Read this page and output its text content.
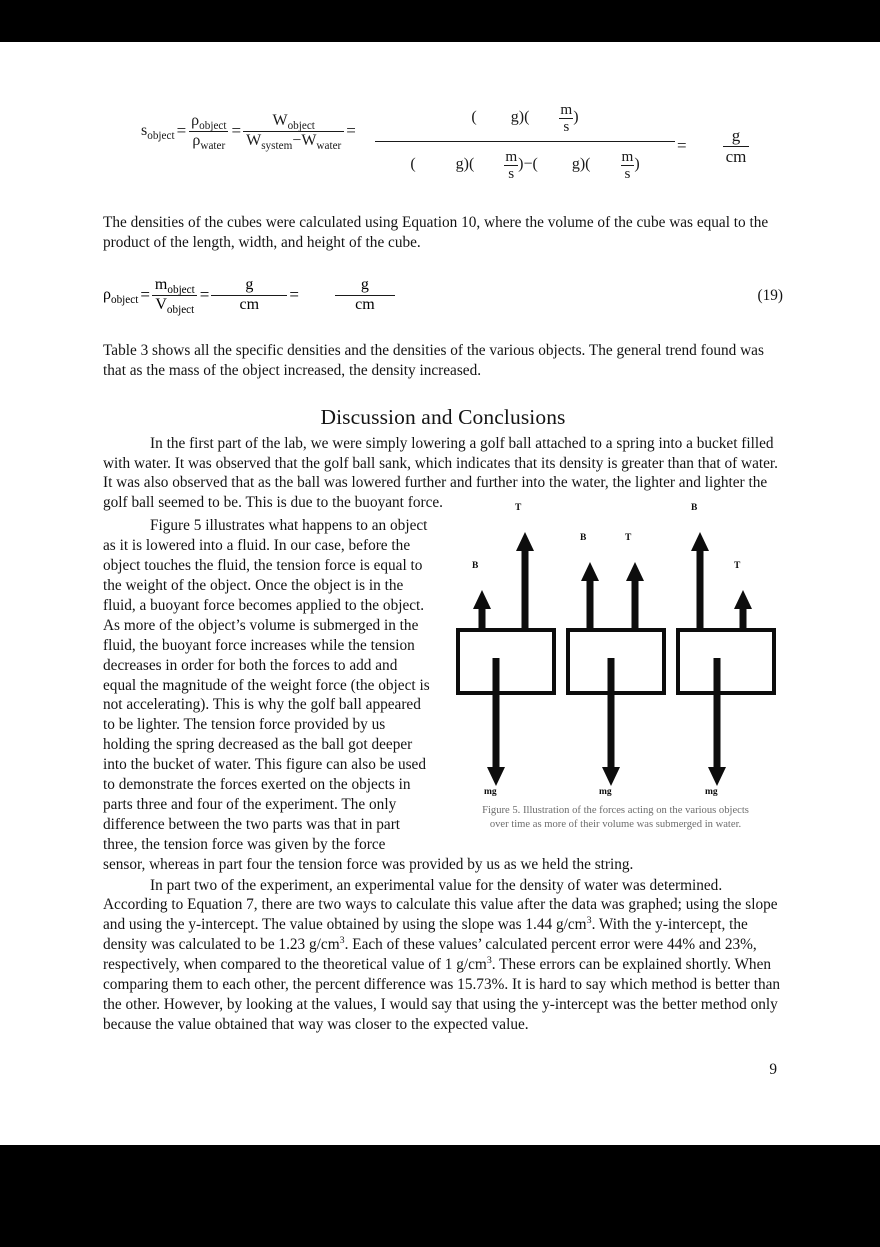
$s_{object} = \frac{\rho_{object}}{\rho_{water}} = \frac{W_{object}}{W_{system}-W_{water}}$ =
( $g)( \frac{m}{s}$ )
(	$g)( \frac{m}{s}$ )−( $g)( \frac{m}{s}$ )
= $\frac{g}{cm}$

The densities of the cubes were calculated using Equation 10, where the volume of the cube was equal to the product of the length, width, and height of the cube.

$\rho_{object} = \frac{m_{object}}{V_{object}} = \frac{g}{cm} = \frac{g}{cm}$	(19)

Table 3 shows all the specific densities and the densities of the various objects. The general trend found was that as the mass of the object increased, the density increased.

Discussion and Conclusions

In the first part of the lab, we were simply lowering a golf ball attached to a spring into a bucket filled with water. It was observed that the golf ball sank, which indicates that its density is greater than that of water. It was also observed that as the ball was lowered further and further into the water, the lighter and lighter the golf ball seemed to be. This is due to the buoyant force.

B
T
mg
B	T
mg
B
T
mg
Figure 5. Illustration of the forces acting on the various objects
over time as more of their volume was submerged in water.

Figure 5 illustrates what happens to an object as it is lowered into a fluid. In our case, before the object touches the fluid, the tension force is equal to the weight of the object. Once the object is in the fluid, a buoyant force becomes applied to the object. As more of the object’s volume is submerged in the fluid, the buoyant force increases while the tension decreases in order for both the forces to add and equal the magnitude of the weight force (the object is not accelerating). This is why the golf ball appeared to be lighter. The tension force provided by us holding the spring decreased as the ball got deeper into the bucket of water. This figure can also be used to demonstrate the forces exerted on the objects in parts three and four of the experiment. The only difference between the two parts was that in part three, the tension force was given by the force sensor, whereas in part four the tension force was provided by us as we held the string.

In part two of the experiment, an experimental value for the density of water was determined. According to Equation 7, there are two ways to calculate this value after the data was graphed; using the slope and using the y-intercept. The value obtained by using the slope was 1.44 $g/cm^3$. With the y-intercept, the density was calculated to be 1.23 $g/cm^3$. Each of these values’ calculated percent error were 44% and 23%, respectively, when compared to the theoretical value of 1 $g/cm^3$. These errors can be explained shortly. When comparing them to each other, the percent difference was 15.73%. It is hard to say which method is better than the other. However, by looking at the values, I would say that using the y-intercept was the better method only because the value obtained that way was closer to the expected value.

9
